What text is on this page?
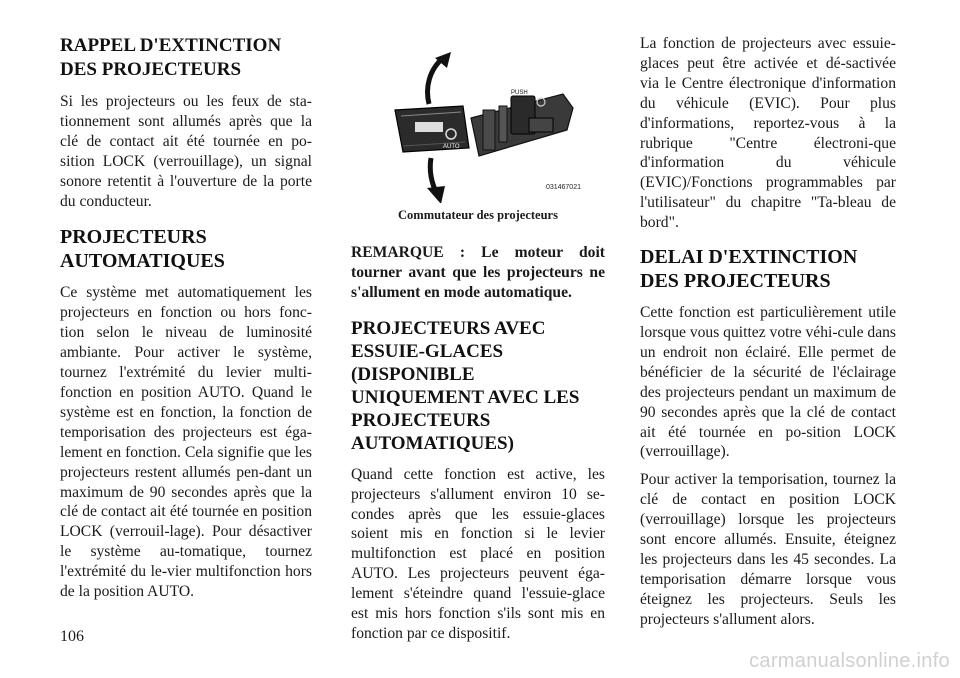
RAPPEL D'EXTINCTION DES PROJECTEURS

Si les projecteurs ou les feux de sta-tionnement sont allumés après que la clé de contact ait été tournée en po-sition LOCK (verrouillage), un signal sonore retentit à l'ouverture de la porte du conducteur.

PROJECTEURS AUTOMATIQUES

Ce système met automatiquement les projecteurs en fonction ou hors fonc-tion selon le niveau de luminosité ambiante. Pour activer le système, tournez l'extrémité du levier multi-fonction en position AUTO. Quand le système est en fonction, la fonction de temporisation des projecteurs est éga-lement en fonction. Cela signifie que les projecteurs restent allumés pen-dant un maximum de 90 secondes après que la clé de contact ait été tournée en position LOCK (verrouil-lage). Pour désactiver le système au-tomatique, tournez l'extrémité du le-vier multifonction hors de la position AUTO.

AUTO
PUSH
031467021
Commutateur des projecteurs

REMARQUE : Le moteur doit tourner avant que les projecteurs ne s'allument en mode automatique.

PROJECTEURS AVEC ESSUIE-GLACES (DISPONIBLE UNIQUEMENT AVEC LES PROJECTEURS AUTOMATIQUES)

Quand cette fonction est active, les projecteurs s'allument environ 10 se-condes après que les essuie-glaces soient mis en fonction si le levier multifonction est placé en position AUTO. Les projecteurs peuvent éga-lement s'éteindre quand l'essuie-glace est mis hors fonction s'ils sont mis en fonction par ce dispositif.

La fonction de projecteurs avec essuie-glaces peut être activée et dé-sactivée via le Centre électronique d'information du véhicule (EVIC). Pour plus d'informations, reportez-vous à la rubrique "Centre électroni-que d'information du véhicule (EVIC)/Fonctions programmables par l'utilisateur" du chapitre "Ta-bleau de bord".

DELAI D'EXTINCTION DES PROJECTEURS

Cette fonction est particulièrement utile lorsque vous quittez votre véhi-cule dans un endroit non éclairé. Elle permet de bénéficier de la sécurité de l'éclairage des projecteurs pendant un maximum de 90 secondes après que la clé de contact ait été tournée en po-sition LOCK (verrouillage).

Pour activer la temporisation, tournez la clé de contact en position LOCK (verrouillage) lorsque les projecteurs sont encore allumés. Ensuite, éteignez les projecteurs dans les 45 secondes. La temporisation démarre lorsque vous éteignez les projecteurs. Seuls les projecteurs s'allument alors.

106
carmanualsonline.info
